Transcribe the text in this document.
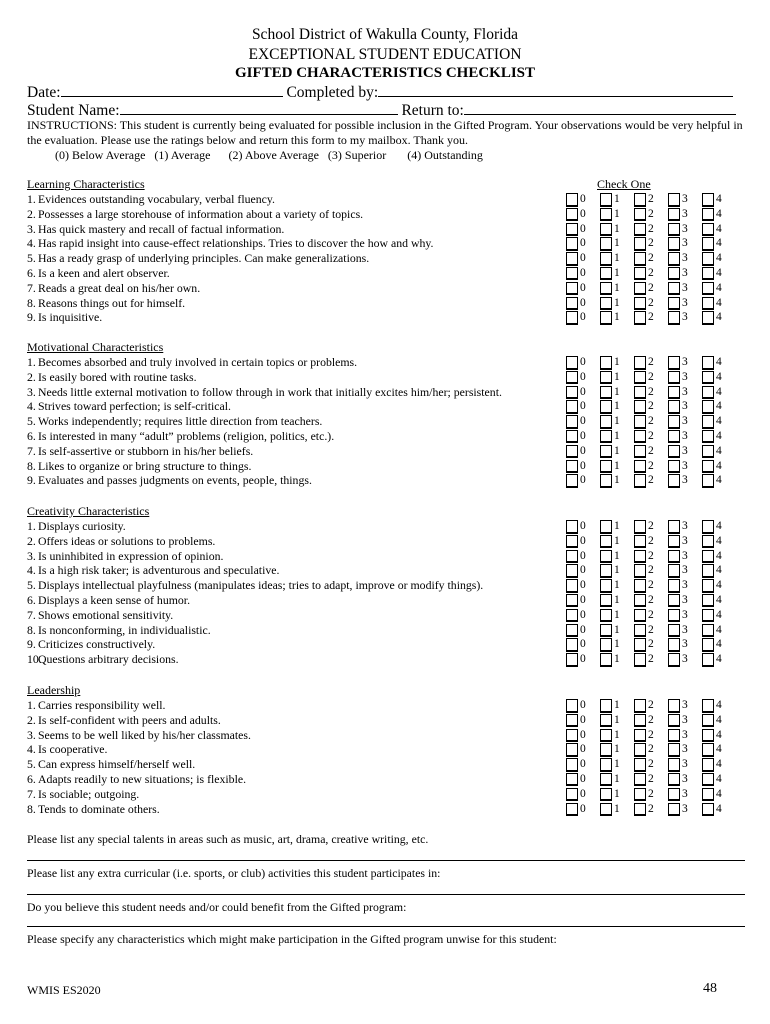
School District of Wakulla County, Florida
EXCEPTIONAL STUDENT EDUCATION
GIFTED CHARACTERISTICS CHECKLIST
Date:	Completed by:
Student Name:	Return to:
INSTRUCTIONS: This student is currently being evaluated for possible inclusion in the Gifted Program. Your observations would be very helpful in the evaluation. Please use the ratings below and return this form to my mailbox. Thank you.
(0) Below Average   (1) Average      (2) Above Average   (3) Superior       (4) Outstanding
Check One
Learning Characteristics
1. Evidences outstanding vocabulary, verbal fluency.	0 1 2 3 4
2. Possesses a large storehouse of information about a variety of topics.	0 1 2 3 4
3. Has quick mastery and recall of factual information.	0 1 2 3 4
4. Has rapid insight into cause-effect relationships. Tries to discover the how and why.	0 1 2 3 4
5. Has a ready grasp of underlying principles. Can make generalizations.	0 1 2 3 4
6. Is a keen and alert observer.	0 1 2 3 4
7. Reads a great deal on his/her own.	0 1 2 3 4
8. Reasons things out for himself.	0 1 2 3 4
9. Is inquisitive.	0 1 2 3 4
Motivational Characteristics
1. Becomes absorbed and truly involved in certain topics or problems.	0 1 2 3 4
2. Is easily bored with routine tasks.	0 1 2 3 4
3. Needs little external motivation to follow through in work that initially excites him/her; persistent.	0 1 2 3 4
4. Strives toward perfection; is self-critical.	0 1 2 3 4
5. Works independently; requires little direction from teachers.	0 1 2 3 4
6. Is interested in many “adult” problems (religion, politics, etc.).	0 1 2 3 4
7. Is self-assertive or stubborn in his/her beliefs.	0 1 2 3 4
8. Likes to organize or bring structure to things.	0 1 2 3 4
9. Evaluates and passes judgments on events, people, things.	0 1 2 3 4
Creativity Characteristics
1. Displays curiosity.	0 1 2 3 4
2. Offers ideas or solutions to problems.	0 1 2 3 4
3. Is uninhibited in expression of opinion.	0 1 2 3 4
4. Is a high risk taker; is adventurous and speculative.	0 1 2 3 4
5. Displays intellectual playfulness (manipulates ideas; tries to adapt, improve or modify things).	0 1 2 3 4
6. Displays a keen sense of humor.	0 1 2 3 4
7. Shows emotional sensitivity.	0 1 2 3 4
8. Is nonconforming, in individualistic.	0 1 2 3 4
9. Criticizes constructively.	0 1 2 3 4
10.Questions arbitrary decisions.	0 1 2 3 4
Leadership
1. Carries responsibility well.	0 1 2 3 4
2. Is self-confident with peers and adults.	0 1 2 3 4
3. Seems to be well liked by his/her classmates.	0 1 2 3 4
4. Is cooperative.	0 1 2 3 4
5. Can express himself/herself well.	0 1 2 3 4
6. Adapts readily to new situations; is flexible.	0 1 2 3 4
7. Is sociable; outgoing.	0 1 2 3 4
8. Tends to dominate others.	0 1 2 3 4
Please list any special talents in areas such as music, art, drama, creative writing, etc.
Please list any extra curricular (i.e. sports, or club) activities this student participates in:
Do you believe this student needs and/or could benefit from the Gifted program:
Please specify any characteristics which might make participation in the Gifted program unwise for this student:
WMIS ES2020	48
